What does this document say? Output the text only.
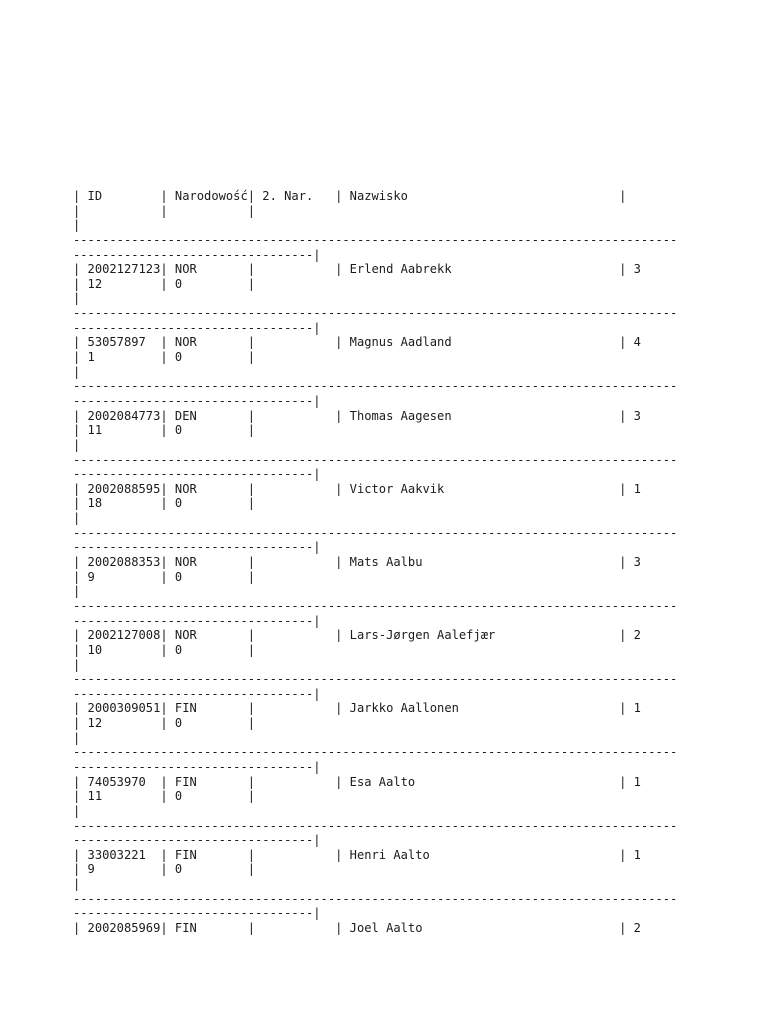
| ID        | Narodowość| 2. Nar.   | Nazwisko                             |
|           |           |
|
-----------------------------------------------------------------------------------
---------------------------------|
| 2002127123| NOR       |           | Erlend Aabrekk                       | 3
| 12        | 0         |
|
-----------------------------------------------------------------------------------
---------------------------------|
| 53057897  | NOR       |           | Magnus Aadland                       | 4
| 1         | 0         |
|
-----------------------------------------------------------------------------------
---------------------------------|
| 2002084773| DEN       |           | Thomas Aagesen                       | 3
| 11        | 0         |
|
-----------------------------------------------------------------------------------
---------------------------------|
| 2002088595| NOR       |           | Victor Aakvik                        | 1
| 18        | 0         |
|
-----------------------------------------------------------------------------------
---------------------------------|
| 2002088353| NOR       |           | Mats Aalbu                           | 3
| 9         | 0         |
|
-----------------------------------------------------------------------------------
---------------------------------|
| 2002127008| NOR       |           | Lars-Jørgen Aalefjær                 | 2
| 10        | 0         |
|
-----------------------------------------------------------------------------------
---------------------------------|
| 2000309051| FIN       |           | Jarkko Aallonen                      | 1
| 12        | 0         |
|
-----------------------------------------------------------------------------------
---------------------------------|
| 74053970  | FIN       |           | Esa Aalto                            | 1
| 11        | 0         |
|
-----------------------------------------------------------------------------------
---------------------------------|
| 33003221  | FIN       |           | Henri Aalto                          | 1
| 9         | 0         |
|
-----------------------------------------------------------------------------------
---------------------------------|
| 2002085969| FIN       |           | Joel Aalto                           | 2
